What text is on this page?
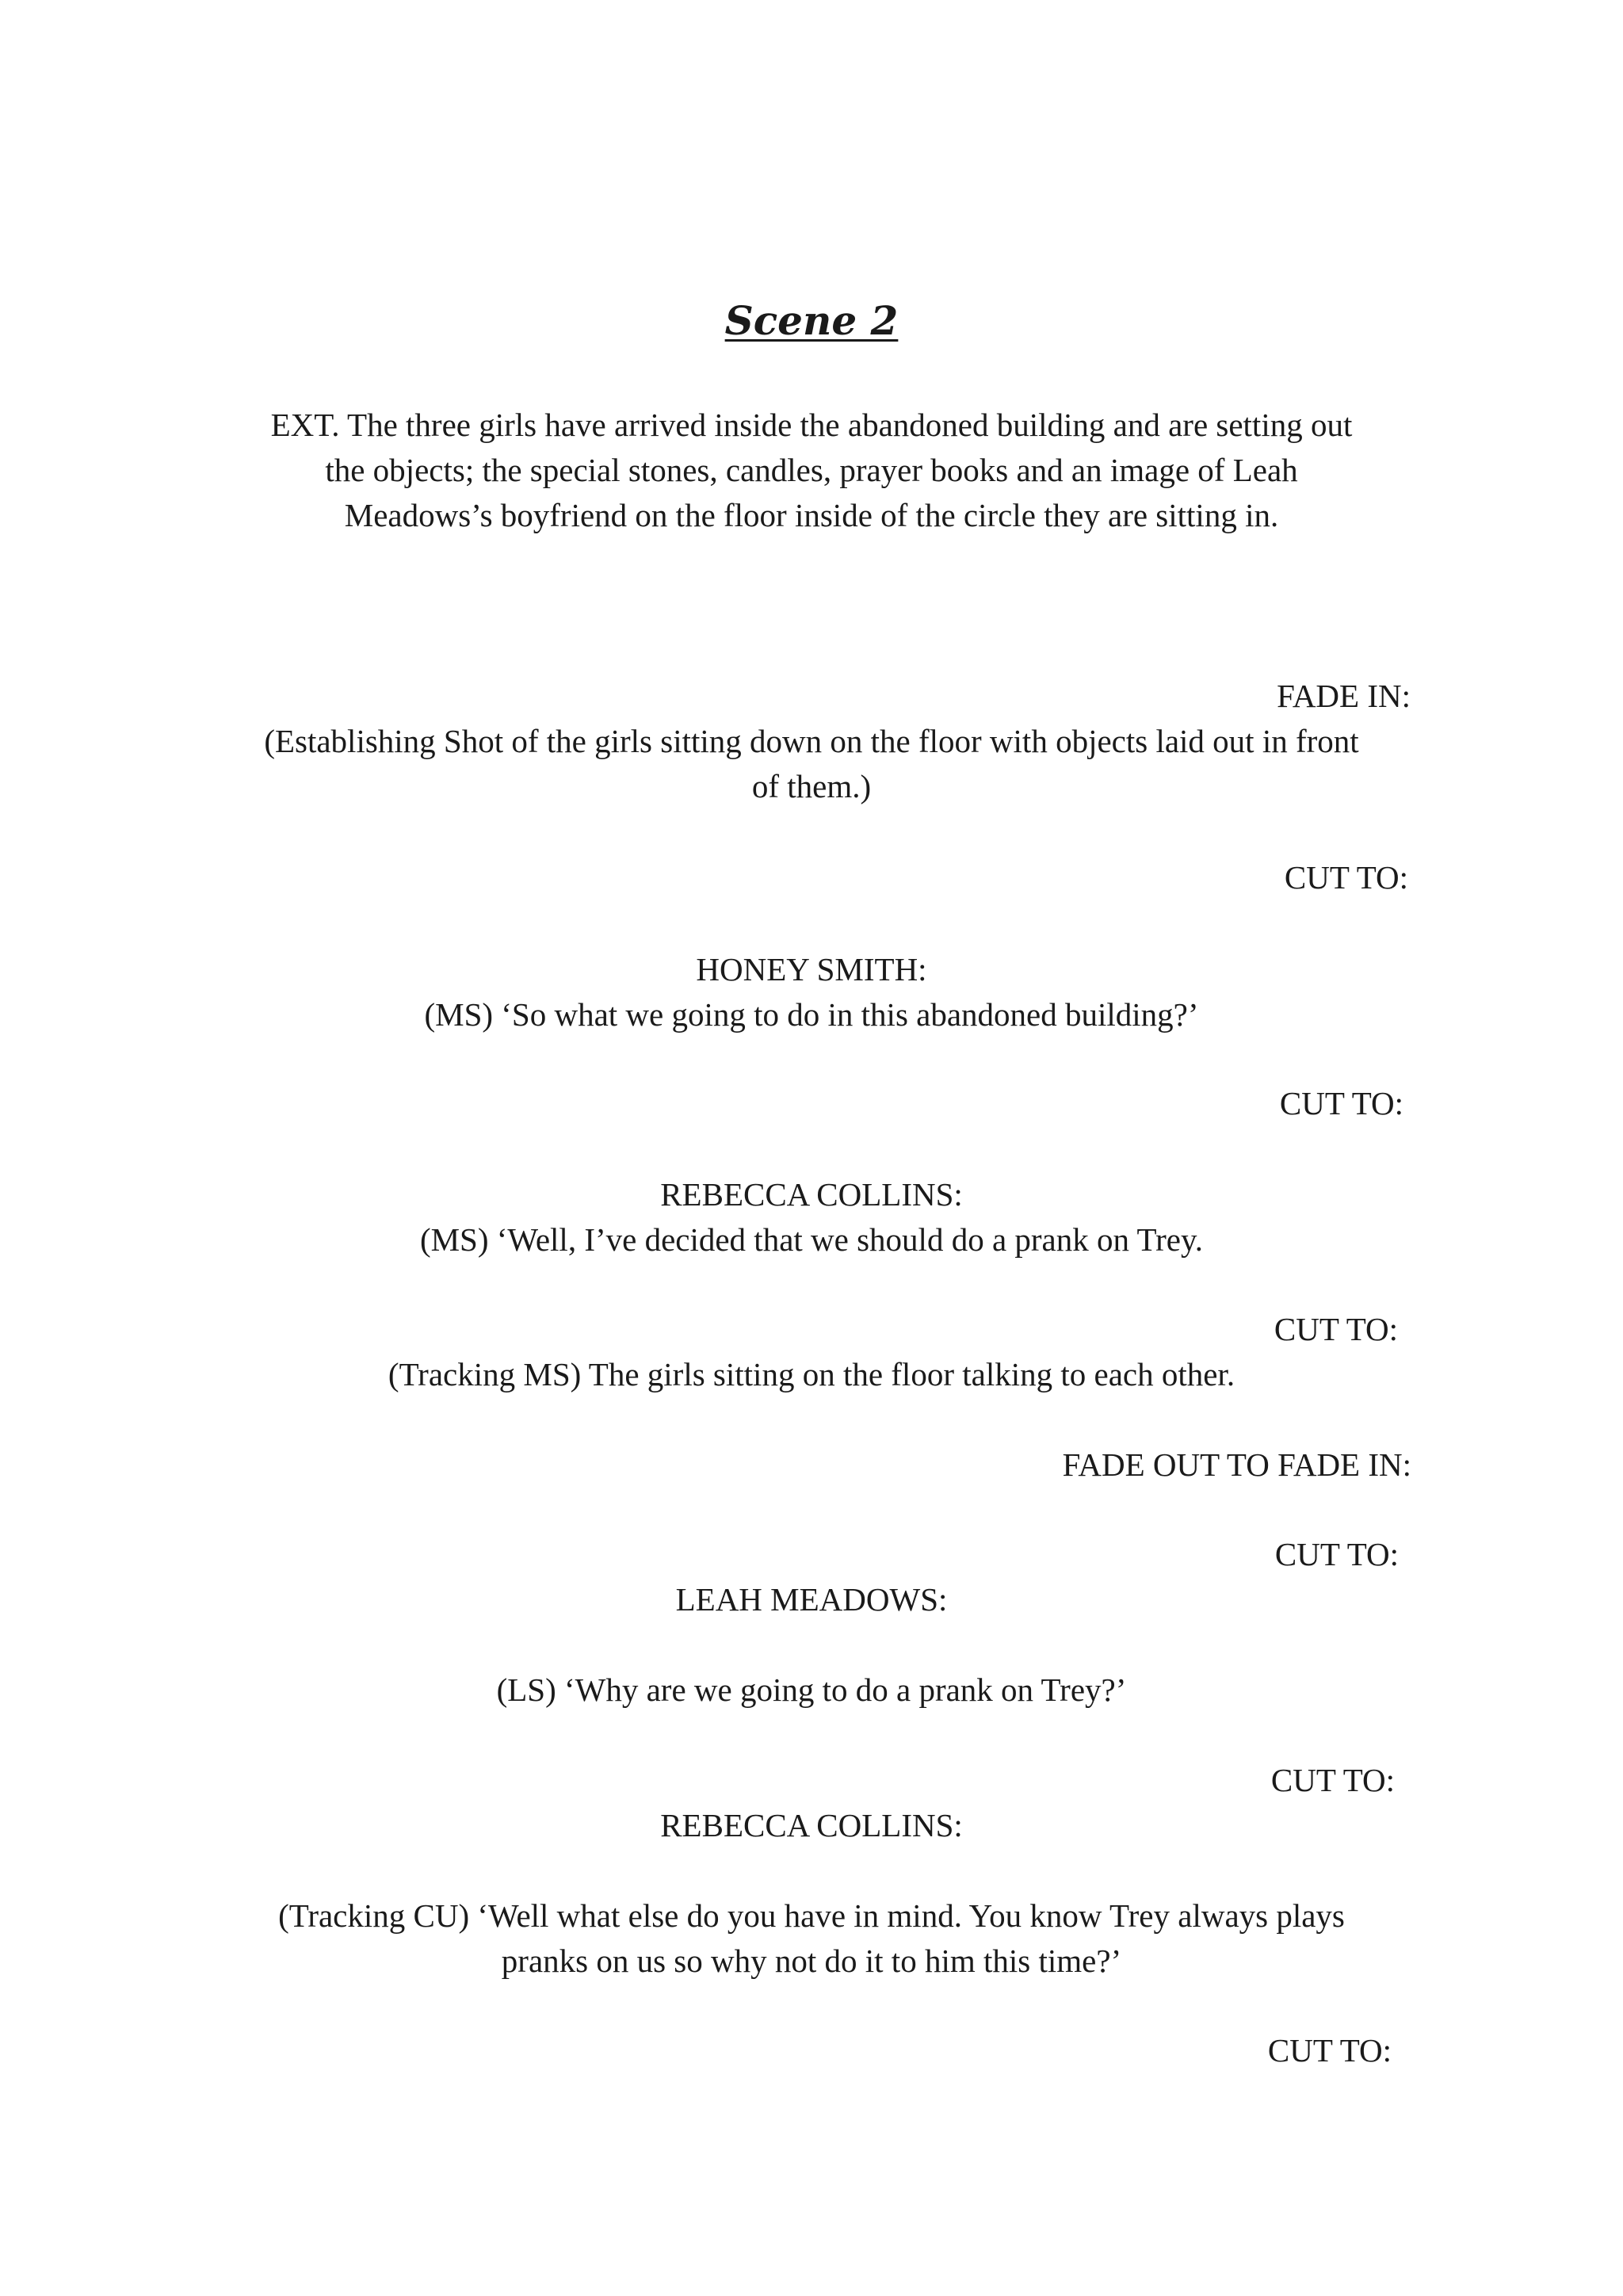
Scene 2
EXT. The three girls have arrived inside the abandoned building and are setting out
the objects; the special stones, candles, prayer books and an image of Leah
Meadows’s boyfriend on the floor inside of the circle they are sitting in.
FADE IN:
(Establishing Shot of the girls sitting down on the floor with objects laid out in front
of them.)
CUT TO:
HONEY SMITH:
(MS) ‘So what we going to do in this abandoned building?’
CUT TO:
REBECCA COLLINS:
(MS) ‘Well, I’ve decided that we should do a prank on Trey.
CUT TO:
(Tracking MS) The girls sitting on the floor talking to each other.
FADE OUT TO FADE IN:
CUT TO:
LEAH MEADOWS:
(LS) ‘Why are we going to do a prank on Trey?’
CUT TO:
REBECCA COLLINS:
(Tracking CU) ‘Well what else do you have in mind. You know Trey always plays
pranks on us so why not do it to him this time?’
CUT TO:
